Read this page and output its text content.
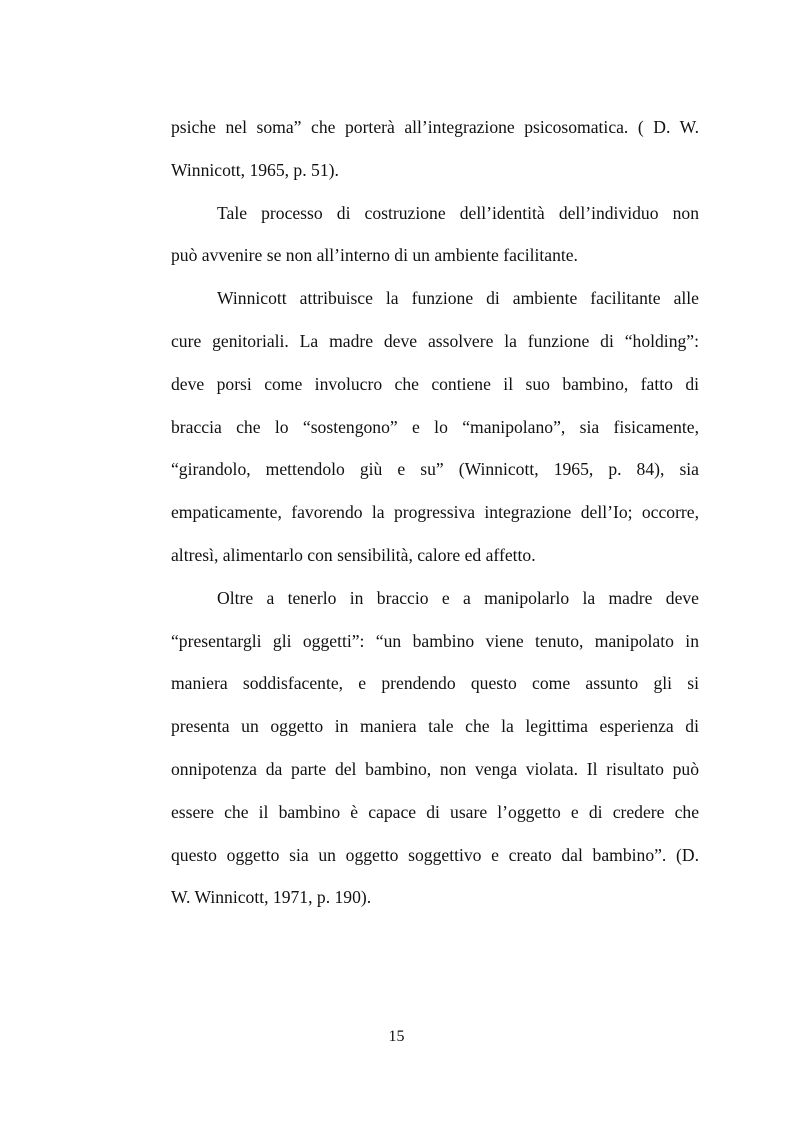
psiche nel soma” che porterà all’integrazione psicosomatica. ( D. W.
Winnicott, 1965, p. 51).
Tale processo di costruzione dell’identità dell’individuo non
può avvenire se non all’interno di un ambiente facilitante.
Winnicott attribuisce la funzione di ambiente facilitante alle
cure genitoriali. La madre deve assolvere la funzione di “holding”:
deve porsi come involucro che contiene il suo bambino, fatto di
braccia che lo “sostengono” e lo “manipolano”, sia fisicamente,
“girandolo, mettendolo giù e su” (Winnicott, 1965, p. 84), sia
empaticamente, favorendo la progressiva integrazione dell’Io; occorre,
altresì, alimentarlo con sensibilità, calore ed affetto.
Oltre a tenerlo in braccio e a manipolarlo la madre deve
“presentargli gli oggetti”: “un bambino viene tenuto, manipolato in
maniera soddisfacente, e prendendo questo come assunto gli si
presenta un oggetto in maniera tale che la legittima esperienza di
onnipotenza da parte del bambino, non venga violata. Il risultato può
essere che il bambino è capace di usare l’oggetto e di credere che
questo oggetto sia un oggetto soggettivo e creato dal bambino”. (D.
W. Winnicott, 1971, p. 190).
15
